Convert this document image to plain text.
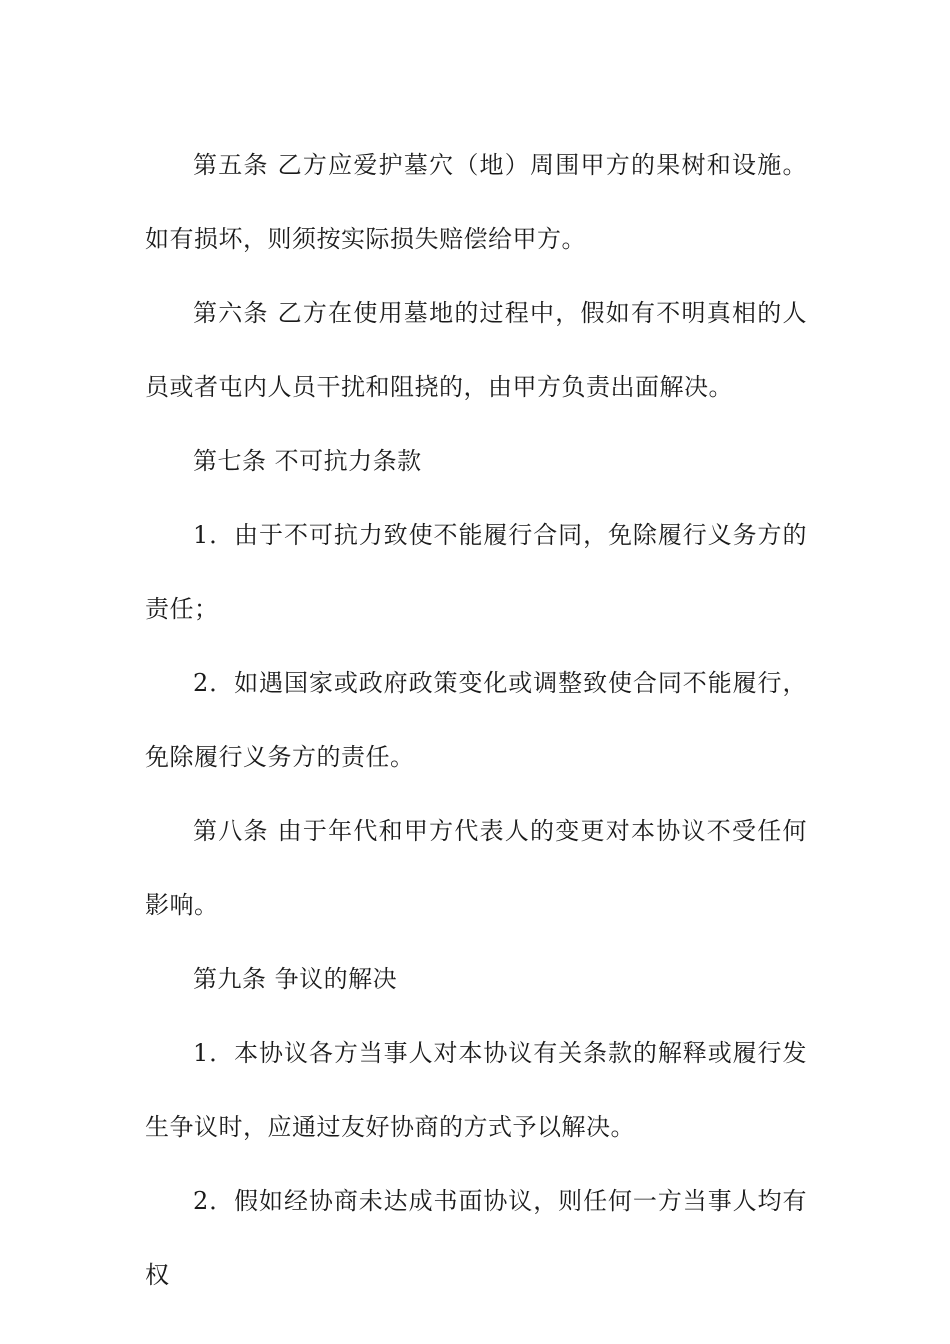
第五条 乙方应爱护墓穴（地）周围甲方的果树和设施。如有损坏，则须按实际损失赔偿给甲方。

第六条 乙方在使用墓地的过程中，假如有不明真相的人员或者屯内人员干扰和阻挠的，由甲方负责出面解决。

第七条 不可抗力条款

1．由于不可抗力致使不能履行合同，免除履行义务方的责任；

2．如遇国家或政府政策变化或调整致使合同不能履行，免除履行义务方的责任。

第八条 由于年代和甲方代表人的变更对本协议不受任何影响。

第九条 争议的解决

1．本协议各方当事人对本协议有关条款的解释或履行发生争议时，应通过友好协商的方式予以解决。

2．假如经协商未达成书面协议，则任何一方当事人均有权
